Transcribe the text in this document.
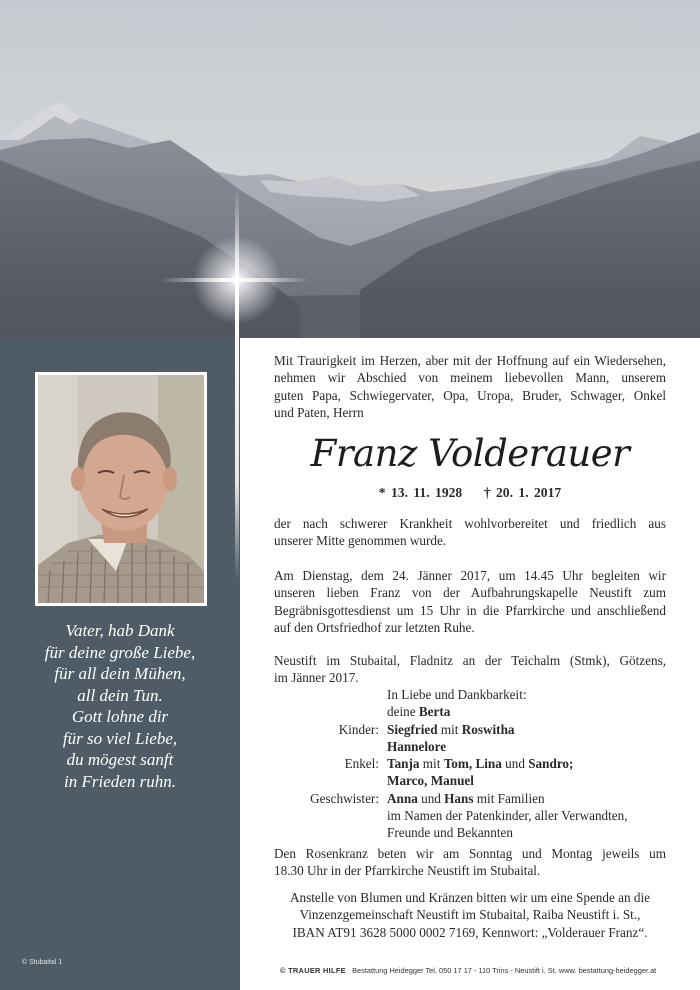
Vater, hab Dank
für deine große Liebe,
für all dein Mühen,
all dein Tun.
Gott lohne dir
für so viel Liebe,
du mögest sanft
in Frieden ruhn.
© Stubaital 1
Mit Traurigkeit im Herzen, aber mit der Hoffnung auf ein Wiedersehen,
nehmen wir Abschied von meinem liebevollen Mann, unserem
guten Papa, Schwiegervater, Opa, Uropa, Bruder, Schwager, Onkel
und Paten, Herrn
Franz Volderauer
* 13. 11. 1928 † 20. 1. 2017
der nach schwerer Krankheit wohlvorbereitet und friedlich aus
unserer Mitte genommen wurde.
Am Dienstag, dem 24. Jänner 2017, um 14.45 Uhr begleiten wir
unseren lieben Franz von der Aufbahrungskapelle Neustift zum
Begräbnisgottesdienst um 15 Uhr in die Pfarrkirche und anschließend
auf den Ortsfriedhof zur letzten Ruhe.
Neustift im Stubaital, Fladnitz an der Teichalm (Stmk), Götzens,
im Jänner 2017.
In Liebe und Dankbarkeit:
deine Berta
Kinder: Siegfried mit Roswitha
Hannelore
Enkel: Tanja mit Tom, Lina und Sandro;
Marco, Manuel
Geschwister: Anna und Hans mit Familien
im Namen der Patenkinder, aller Verwandten,
Freunde und Bekannten
Den Rosenkranz beten wir am Sonntag und Montag jeweils um
18.30 Uhr in der Pfarrkirche Neustift im Stubaital.
Anstelle von Blumen und Kränzen bitten wir um eine Spende an die
Vinzenzgemeinschaft Neustift im Stubaital, Raiba Neustift i. St.,
IBAN AT91 3628 5000 0002 7169, Kennwort: „Volderauer Franz“.
© TRAUER HILFE Bestattung Heidegger Tel. 050 17 17 - 110 Trins - Neustift i. St. www. bestattung-heidegger.at
